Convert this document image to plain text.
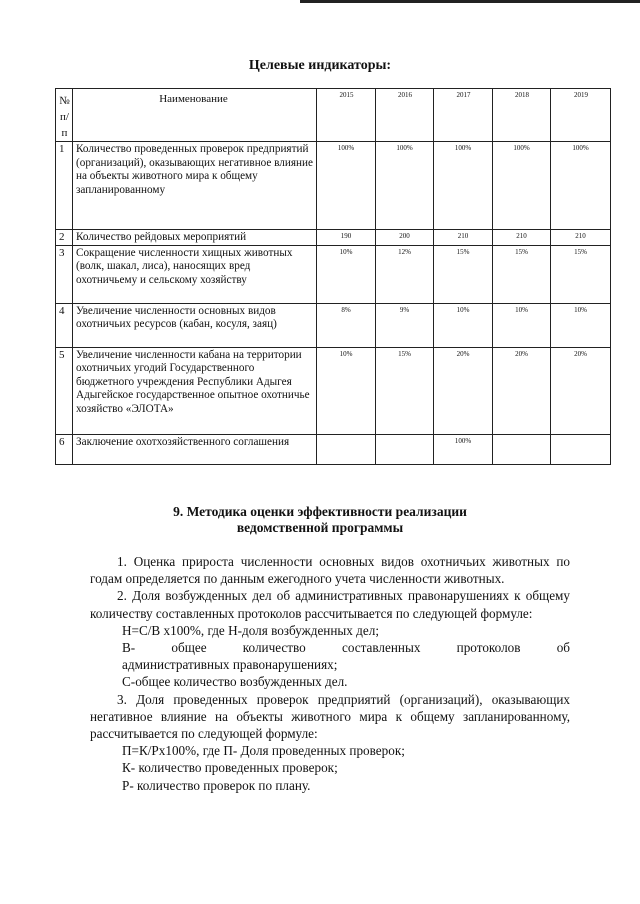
Целевые индикаторы:
№ п/п	Наименование	2015	2016	2017	2018	2019
1	Количество проведенных проверок предприятий (организаций), оказывающих негативное влияние на объекты животного мира к общему запланированному	100%	100%	100%	100%	100%
2	Количество рейдовых мероприятий	190	200	210	210	210
3	Сокращение численности хищных животных (волк, шакал, лиса), наносящих вред охотничьему и сельскому хозяйству	10%	12%	15%	15%	15%
4	Увеличение численности основных видов охотничьих ресурсов (кабан, косуля, заяц)	8%	9%	10%	10%	10%
5	Увеличение численности кабана на территории охотничьих угодий Государственного бюджетного учреждения Республики Адыгея Адыгейское государственное опытное охотничье хозяйство «ЭЛОТА»	10%	15%	20%	20%	20%
6	Заключение охотхозяйственного соглашения			100%		
9. Методика оценки эффективности реализации
ведомственной программы
1. Оценка прироста численности основных видов охотничьих животных по годам определяется по данным ежегодного учета численности животных.
2. Доля возбужденных дел об административных правонарушениях к общему количеству составленных протоколов рассчитывается по следующей формуле:
Н=С/В х100%, где Н-доля возбужденных дел;
В- общее количество составленных протоколов об
административных правонарушениях;
С-общее количество возбужденных дел.
3. Доля проведенных проверок предприятий (организаций), оказывающих негативное влияние на объекты животного мира к общему запланированному, рассчитывается по следующей формуле:
П=К/Рх100%, где П- Доля проведенных проверок;
К- количество проведенных проверок;
Р- количество проверок по плану.
